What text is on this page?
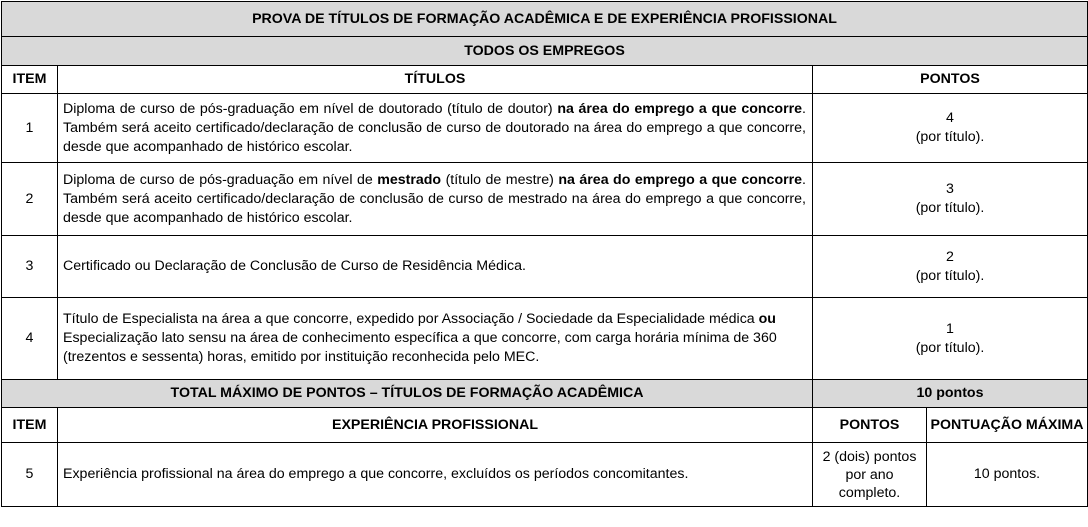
PROVA DE TÍTULOS DE FORMAÇÃO ACADÊMICA E DE EXPERIÊNCIA PROFISSIONAL			
TODOS OS EMPREGOS			
ITEM	TÍTULOS	PONTOS	
1	Diploma de curso de pós-graduação em nível de doutorado (título de doutor) na área do emprego a que concorre. Também será aceito certificado/declaração de conclusão de curso de doutorado na área do emprego a que concorre, desde que acompanhado de histórico escolar.	4
(por título).	

2	Diploma de curso de pós-graduação em nível de mestrado (título de mestre) na área do emprego a que concorre. Também será aceito certificado/declaração de conclusão de curso de mestrado na área do emprego a que concorre, desde que acompanhado de histórico escolar.	3
(por título).	

3	Certificado ou Declaração de Conclusão de Curso de Residência Médica.	2
(por título).	

4	Título de Especialista na área a que concorre, expedido por Associação / Sociedade da Especialidade médica ou Especialização lato sensu na área de conhecimento específica a que concorre, com carga horária mínima de 360 (trezentos e sessenta) horas, emitido por instituição reconhecida pelo MEC.	1
(por título).	

TOTAL MÁXIMO DE PONTOS – TÍTULOS DE FORMAÇÃO ACADÊMICA		10 pontos	
ITEM	EXPERIÊNCIA PROFISSIONAL	PONTOS	PONTUAÇÃO MÁXIMA
5	Experiência profissional na área do emprego a que concorre, excluídos os períodos concomitantes.	2 (dois) pontos por ano completo.	10 pontos.
